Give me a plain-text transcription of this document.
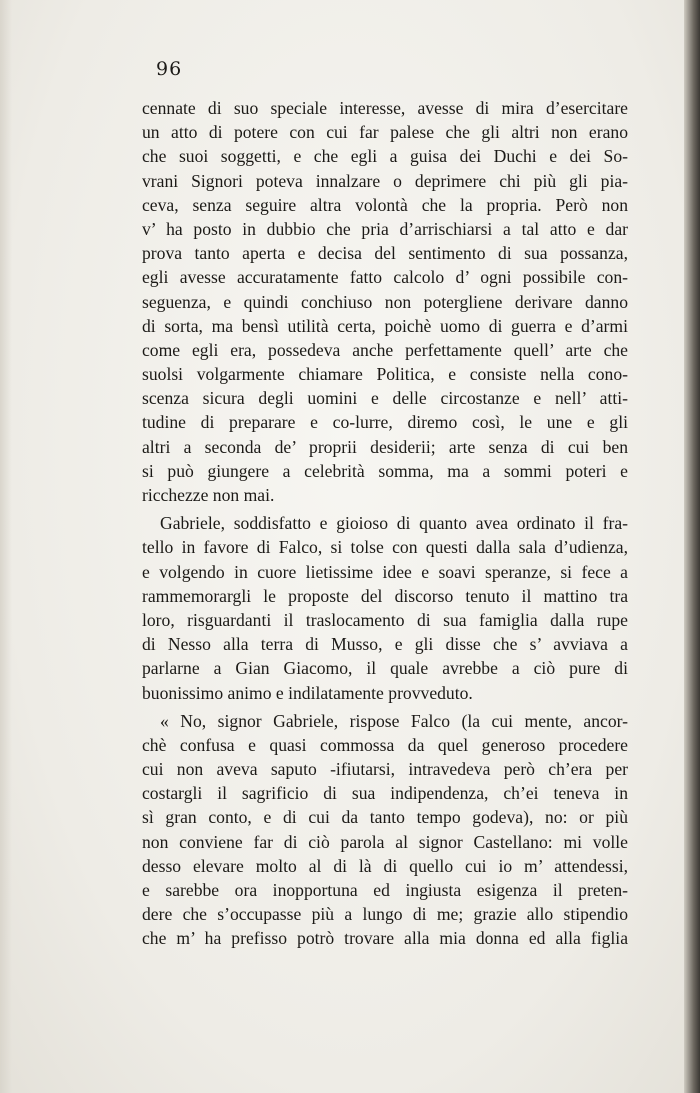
96
cennate di suo speciale interesse, avesse di mira d’esercitare
un atto di potere con cui far palese che gli altri non erano
che suoi soggetti, e che egli a guisa dei Duchi e dei So-
vrani Signori poteva innalzare o deprimere chi più gli pia-
ceva, senza seguire altra volontà che la propria. Però non
v’ ha posto in dubbio che pria d’arrischiarsi a tal atto e dar
prova tanto aperta e decisa del sentimento di sua possanza,
egli avesse accuratamente fatto calcolo d’ ogni possibile con-
seguenza, e quindi conchiuso non potergliene derivare danno
di sorta, ma bensì utilità certa, poichè uomo di guerra e d’armi
come egli era, possedeva anche perfettamente quell’ arte che
suolsi volgarmente chiamare Politica, e consiste nella cono-
scenza sicura degli uomini e delle circostanze e nell’ atti-
tudine di preparare e co‑lurre, diremo così, le une e gli
altri a seconda de’ proprii desiderii; arte senza di cui ben
si può giungere a celebrità somma, ma a sommi poteri e
ricchezze non mai.
Gabriele, soddisfatto e gioioso di quanto avea ordinato il fra-
tello in favore di Falco, si tolse con questi dalla sala d’udienza,
e volgendo in cuore lietissime idee e soavi speranze, si fece a
rammemorargli le proposte del discorso tenuto il mattino tra
loro, risguardanti il traslocamento di sua famiglia dalla rupe
di Nesso alla terra di Musso, e gli disse che s’ avviava a
parlarne a Gian Giacomo, il quale avrebbe a ciò pure di
buonissimo animo e indilatamente provveduto.
« No, signor Gabriele, rispose Falco (la cui mente, ancor-
chè confusa e quasi commossa da quel generoso procedere
cui non aveva saputo ‑ifiutarsi, intravedeva però ch’era per
costargli il sagrificio di sua indipendenza, ch’ei teneva in
sì gran conto, e di cui da tanto tempo godeva), no: or più
non conviene far di ciò parola al signor Castellano: mi volle
desso elevare molto al di là di quello cui io m’ attendessi,
e sarebbe ora inopportuna ed ingiusta esigenza il preten-
dere che s’occupasse più a lungo di me; grazie allo stipendio
che m’ ha prefisso potrò trovare alla mia donna ed alla figlia
